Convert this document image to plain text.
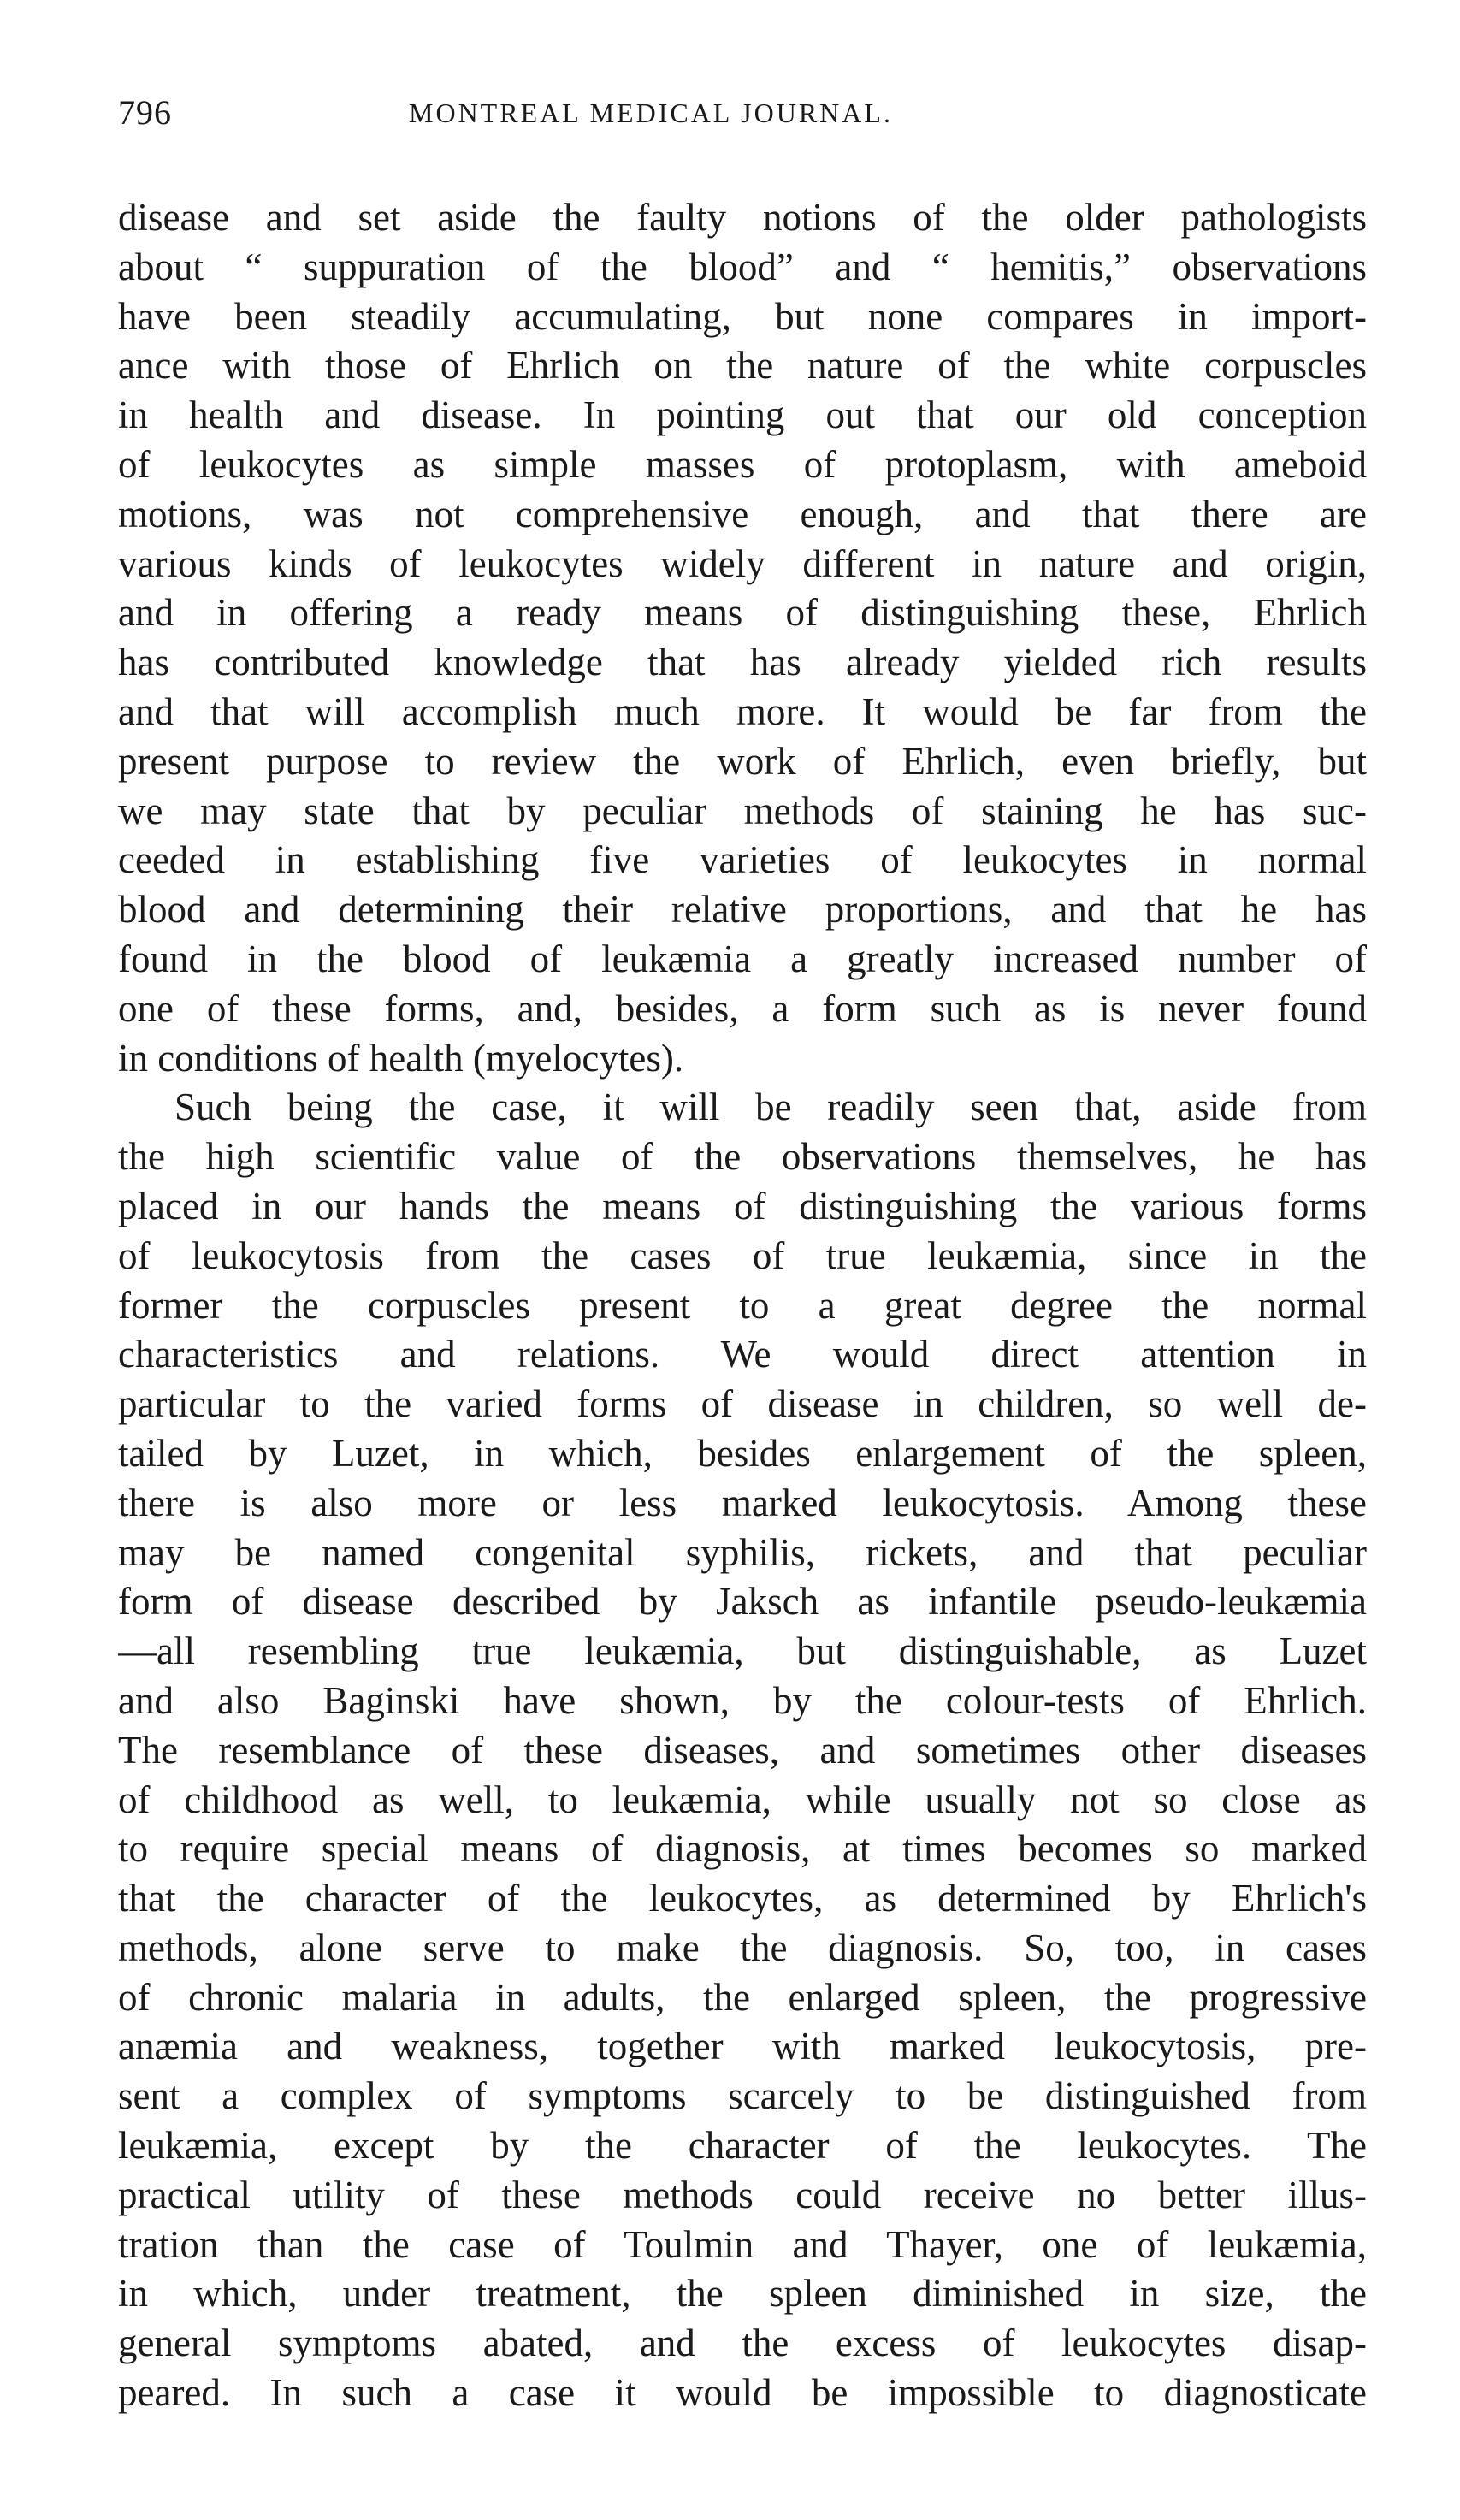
796	MONTREAL MEDICAL JOURNAL.
disease and set aside the faulty notions of the older pathologists
about “ suppuration of the blood” and “ hemitis,” observations
have been steadily accumulating, but none compares in import-
ance with those of Ehrlich on the nature of the white corpuscles
in health and disease. In pointing out that our old conception
of leukocytes as simple masses of protoplasm, with ameboid
motions, was not comprehensive enough, and that there are
various kinds of leukocytes widely different in nature and origin,
and in offering a ready means of distinguishing these, Ehrlich
has contributed knowledge that has already yielded rich results
and that will accomplish much more. It would be far from the
present purpose to review the work of Ehrlich, even briefly, but
we may state that by peculiar methods of staining he has suc-
ceeded in establishing five varieties of leukocytes in normal
blood and determining their relative proportions, and that he has
found in the blood of leukæmia a greatly increased number of
one of these forms, and, besides, a form such as is never found
in conditions of health (myelocytes).
Such being the case, it will be readily seen that, aside from
the high scientific value of the observations themselves, he has
placed in our hands the means of distinguishing the various forms
of leukocytosis from the cases of true leukæmia, since in the
former the corpuscles present to a great degree the normal
characteristics and relations. We would direct attention in
particular to the varied forms of disease in children, so well de-
tailed by Luzet, in which, besides enlargement of the spleen,
there is also more or less marked leukocytosis. Among these
may be named congenital syphilis, rickets, and that peculiar
form of disease described by Jaksch as infantile pseudo-leukæmia
—all resembling true leukæmia, but distinguishable, as Luzet
and also Baginski have shown, by the colour-tests of Ehrlich.
The resemblance of these diseases, and sometimes other diseases
of childhood as well, to leukæmia, while usually not so close as
to require special means of diagnosis, at times becomes so marked
that the character of the leukocytes, as determined by Ehrlich's
methods, alone serve to make the diagnosis. So, too, in cases
of chronic malaria in adults, the enlarged spleen, the progressive
anæmia and weakness, together with marked leukocytosis, pre-
sent a complex of symptoms scarcely to be distinguished from
leukæmia, except by the character of the leukocytes. The
practical utility of these methods could receive no better illus-
tration than the case of Toulmin and Thayer, one of leukæmia,
in which, under treatment, the spleen diminished in size, the
general symptoms abated, and the excess of leukocytes disap-
peared. In such a case it would be impossible to diagnosticate
